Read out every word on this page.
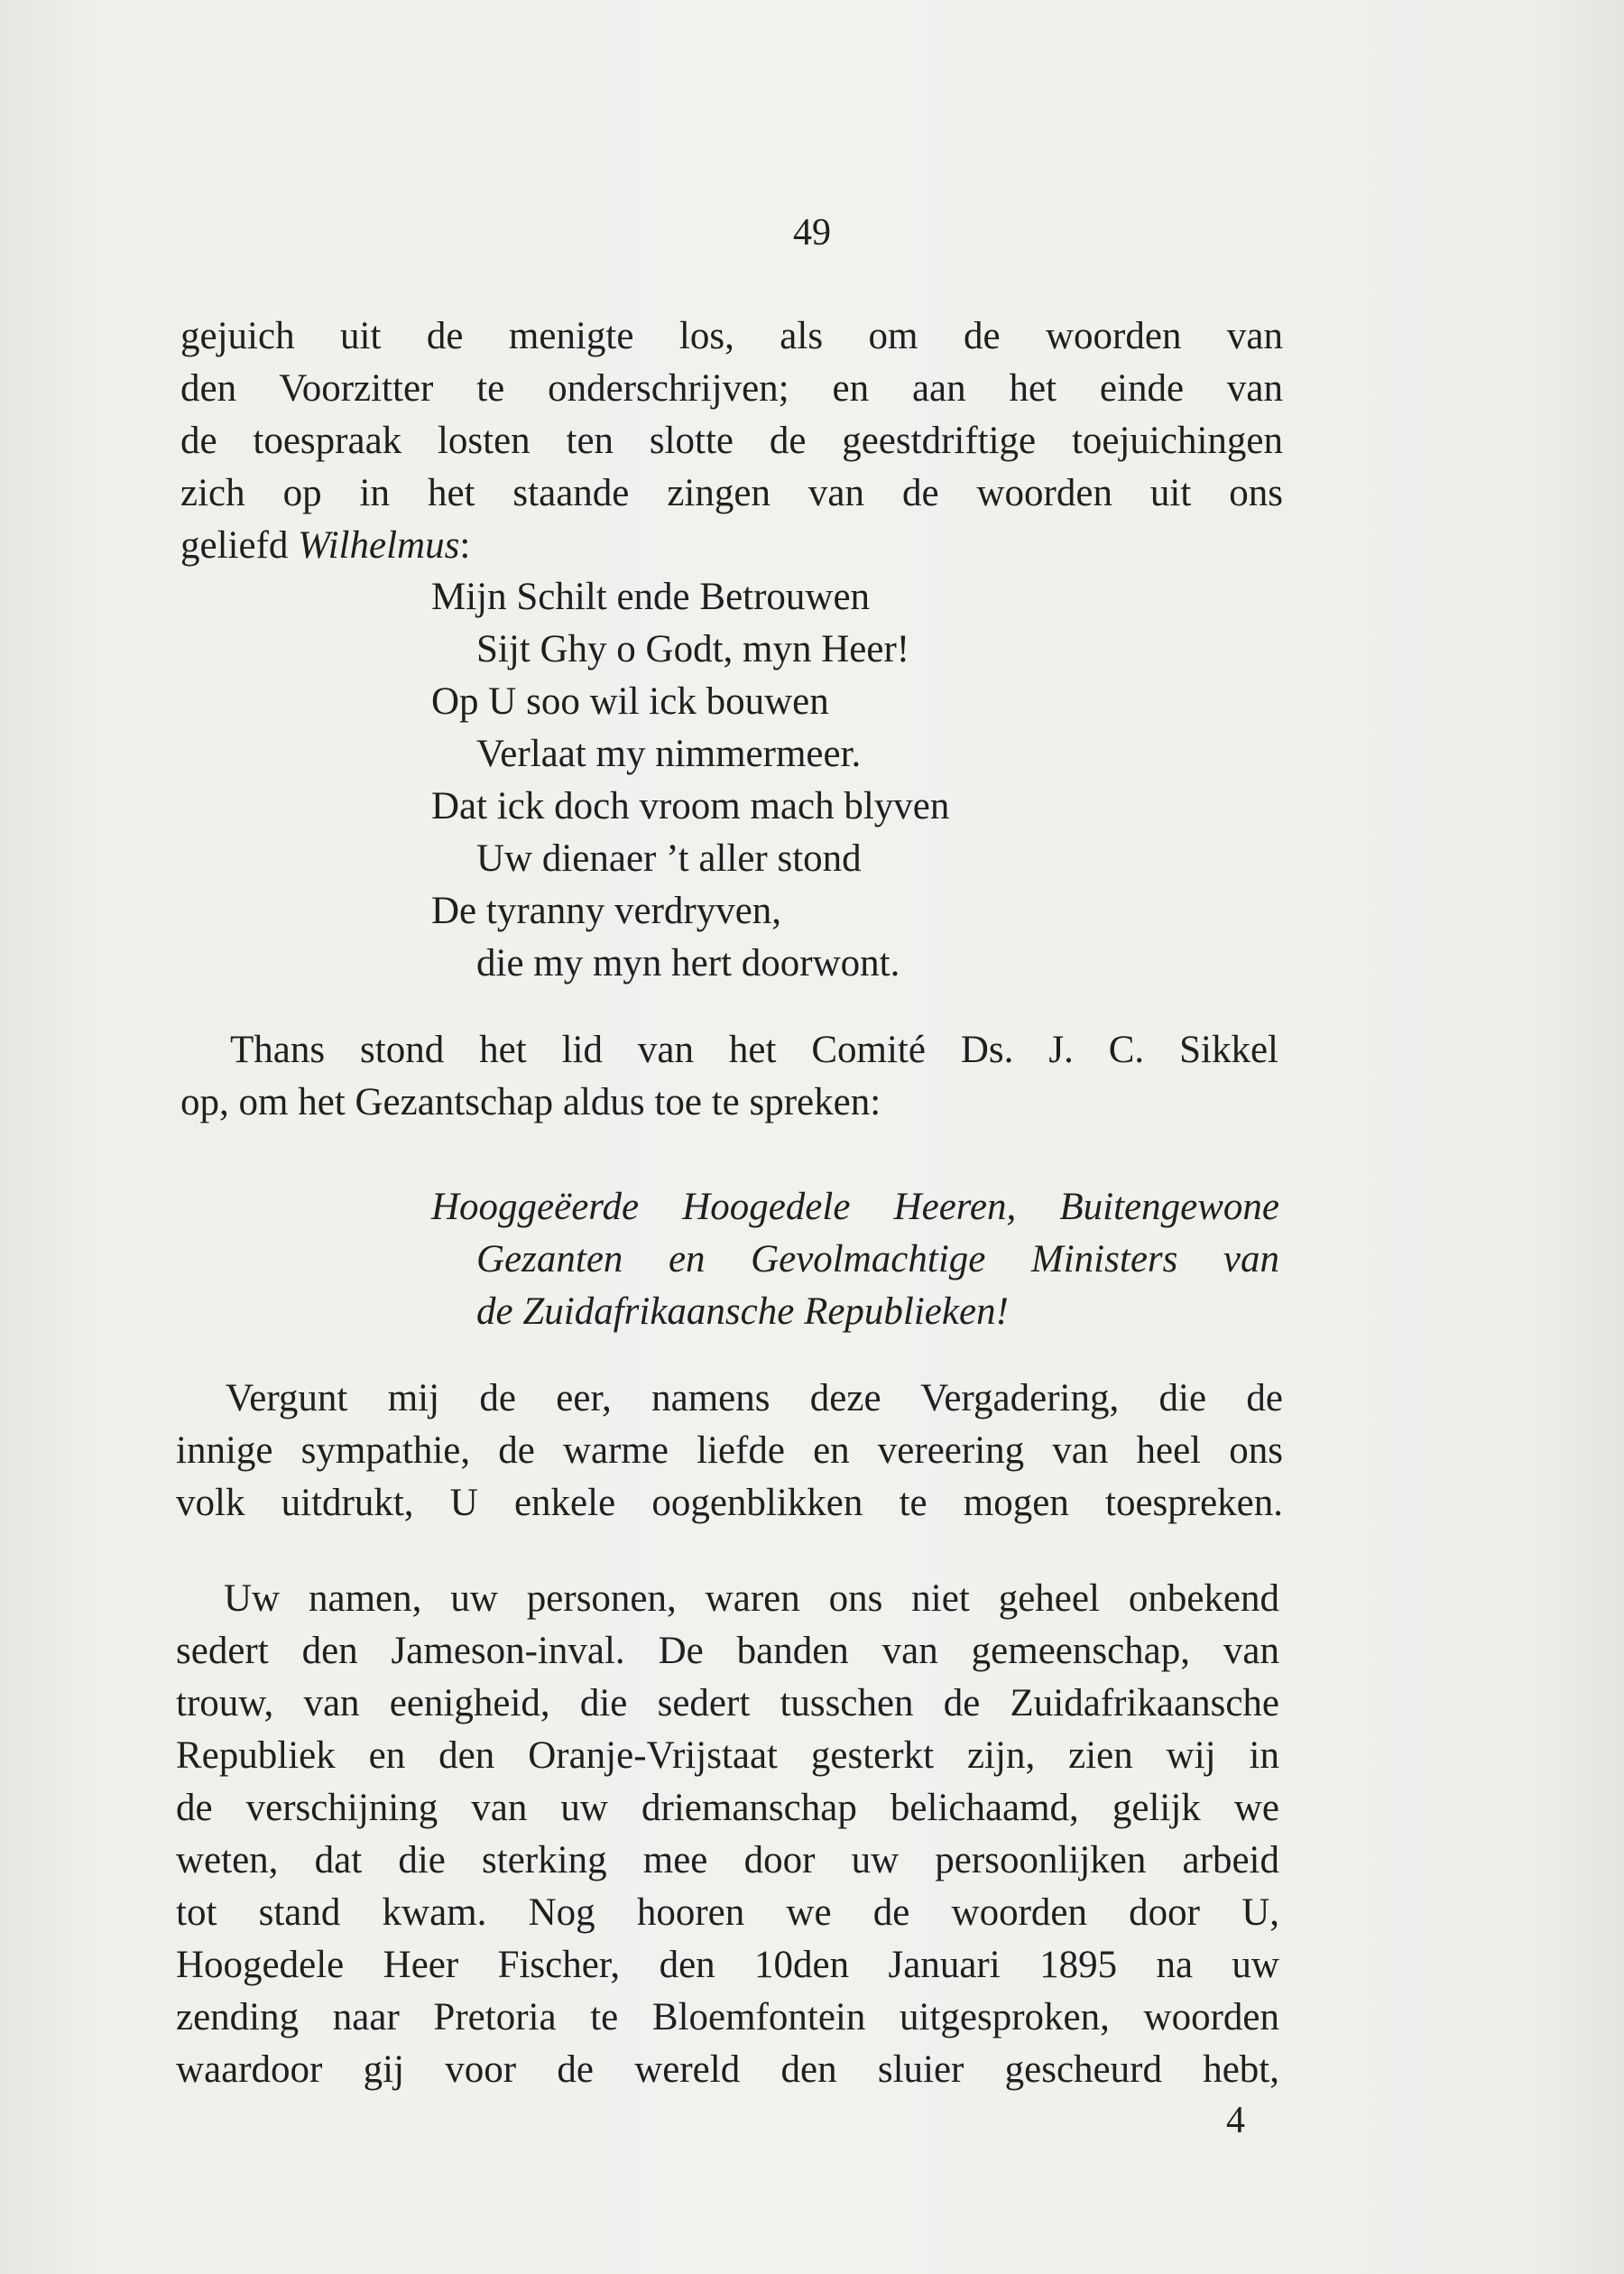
49
gejuich uit de menigte los, als om de woorden van
den Voorzitter te onderschrijven; en aan het einde van
de toespraak losten ten slotte de geestdriftige toejuichingen
zich op in het staande zingen van de woorden uit ons
geliefd Wilhelmus:
Mijn Schilt ende Betrouwen
Sijt Ghy o Godt, myn Heer!
Op U soo wil ick bouwen
Verlaat my nimmermeer.
Dat ick doch vroom mach blyven
Uw dienaer ’t aller stond
De tyranny verdryven,
die my myn hert doorwont.
Thans stond het lid van het Comité Ds. J. C. Sikkel
op, om het Gezantschap aldus toe te spreken:
Hooggeëerde Hoogedele Heeren, Buitengewone
Gezanten en Gevolmachtige Ministers van
de Zuidafrikaansche Republieken!
Vergunt mij de eer, namens deze Vergadering, die de
innige sympathie, de warme liefde en vereering van heel ons
volk uitdrukt, U enkele oogenblikken te mogen toespreken.
Uw namen, uw personen, waren ons niet geheel onbekend
sedert den Jameson-inval. De banden van gemeenschap, van
trouw, van eenigheid, die sedert tusschen de Zuidafrikaansche
Republiek en den Oranje-Vrijstaat gesterkt zijn, zien wij in
de verschijning van uw driemanschap belichaamd, gelijk we
weten, dat die sterking mee door uw persoonlijken arbeid
tot stand kwam. Nog hooren we de woorden door U,
Hoogedele Heer Fischer, den 10den Januari 1895 na uw
zending naar Pretoria te Bloemfontein uitgesproken, woorden
waardoor gij voor de wereld den sluier gescheurd hebt,
4
